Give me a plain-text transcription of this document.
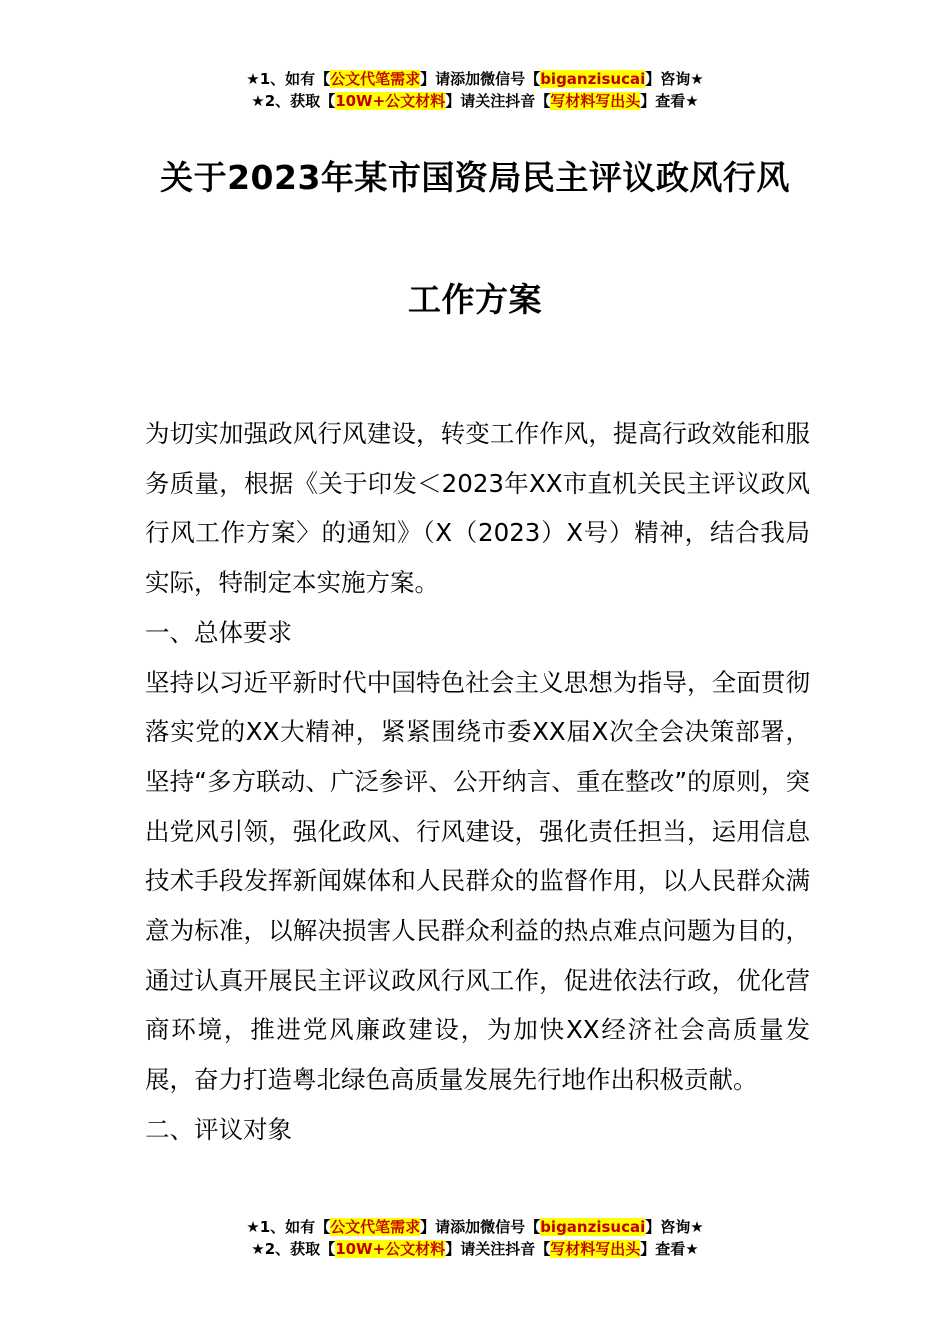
★1、如有【公文代笔需求】请添加微信号【biganzisucai】咨询★
★2、获取【10W+公文材料】请关注抖音【写材料写出头】查看★
关于2023年某市国资局民主评议政风行风
工作方案

为切实加强政风行风建设，转变工作作风，提高行政效能和服务质量，根据《关于印发＜2023年XX市直机关民主评议政风行风工作方案〉的通知》（X（2023）X号）精神，结合我局实际，特制定本实施方案。

一、总体要求

坚持以习近平新时代中国特色社会主义思想为指导，全面贯彻落实党的XX大精神，紧紧围绕市委XX届X次全会决策部署，坚持“多方联动、广泛参评、公开纳言、重在整改”的原则，突出党风引领，强化政风、行风建设，强化责任担当，运用信息技术手段发挥新闻媒体和人民群众的监督作用，以人民群众满意为标准，以解决损害人民群众利益的热点难点问题为目的，通过认真开展民主评议政风行风工作，促进依法行政，优化营商环境，推进党风廉政建设，为加快XX经济社会高质量发展，奋力打造粤北绿色高质量发展先行地作出积极贡献。

二、评议对象

★1、如有【公文代笔需求】请添加微信号【biganzisucai】咨询★
★2、获取【10W+公文材料】请关注抖音【写材料写出头】查看★
